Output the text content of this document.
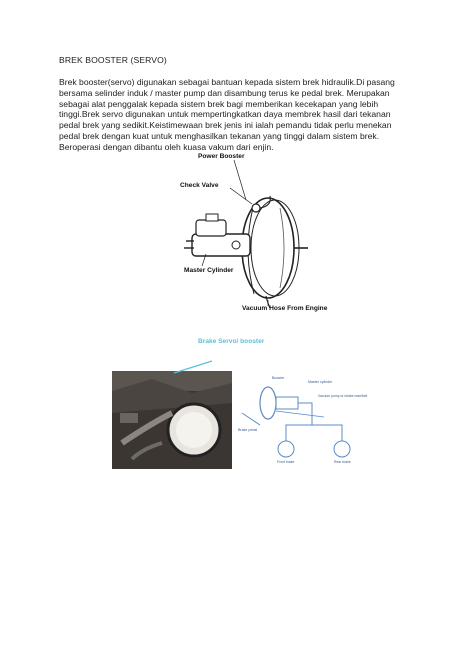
BREK BOOSTER (SERVO)
Brek booster(servo) digunakan sebagai bantuan kepada sistem brek hidraulik.Di pasang
bersama selinder induk / master pump dan disambung terus ke pedal brek. Merupakan
sebagai alat penggalak kepada sistem brek bagi memberikan kecekapan yang lebih
tinggi.Brek servo digunakan untuk mempertingkatkan daya membrek hasil dari tekanan
pedal brek yang sedikit.Keistimewaan brek jenis ini ialah pemandu tidak perlu menekan
pedal brek dengan kuat untuk menghasilkan tekanan yang tinggi dalam sistem brek.
Beroperasi dengan dibantu oleh kuasa vakum dari enjin.
Power Booster
Check Valve
Master Cylinder
Vacuum Hose From Engine
Brake Servo/ booster
Booster
Master cylinder
Vacuum pump or intake manifold
Brake pedal
Front brake	Rear brake
